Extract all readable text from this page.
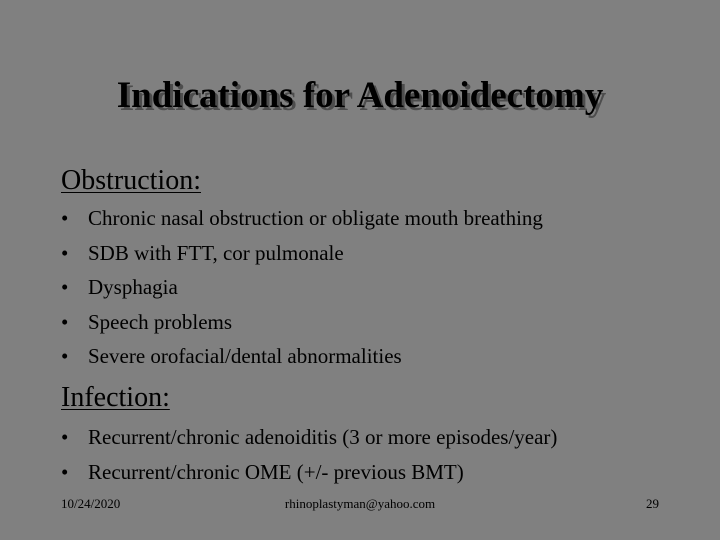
Indications for Adenoidectomy
Obstruction:
• Chronic nasal obstruction or obligate mouth breathing
• SDB with FTT, cor pulmonale
• Dysphagia
• Speech problems
• Severe orofacial/dental abnormalities
Infection:
• Recurrent/chronic adenoiditis (3 or more episodes/year)
• Recurrent/chronic OME (+/- previous BMT)
10/24/2020	rhinoplastyman@yahoo.com	29
